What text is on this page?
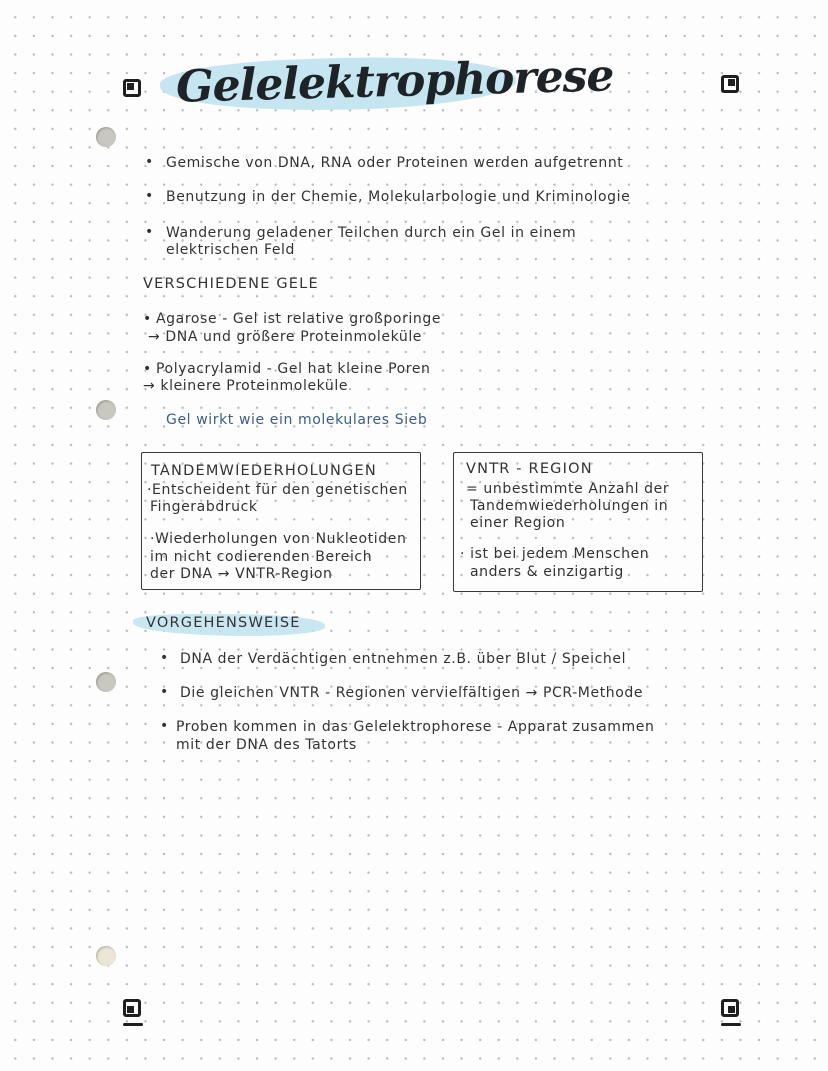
Gelelektrophorese
• Gemische von DNA, RNA oder Proteinen werden aufgetrennt
• Benutzung in der Chemie, Molekularbologie und Kriminologie
• Wanderung geladener Teilchen durch ein Gel in einem
elektrischen Feld
VERSCHIEDENE GELE
• Agarose - Gel ist relative großporinge
→ DNA und größere Proteinmoleküle
• Polyacrylamid - Gel hat kleine Poren
→ kleinere Proteinmoleküle
Gel wirkt wie ein molekulares Sieb
TANDEMWIEDERHOLUNGEN
·Entscheident für den genetischen
Fingerabdruck
·Wiederholungen von Nukleotiden
im nicht codierenden Bereich
der DNA → VNTR-Region
VNTR - REGION
= unbestimmte Anzahl der
Tandemwiederholungen in
einer Region
· ist bei jedem Menschen
anders & einzigartig
VORGEHENSWEISE
• DNA der Verdächtigen entnehmen z.B. über Blut / Speichel
• Die gleichen VNTR - Regionen vervielfältigen → PCR-Methode
• Proben kommen in das Gelelektrophorese - Apparat zusammen
mit der DNA des Tatorts
